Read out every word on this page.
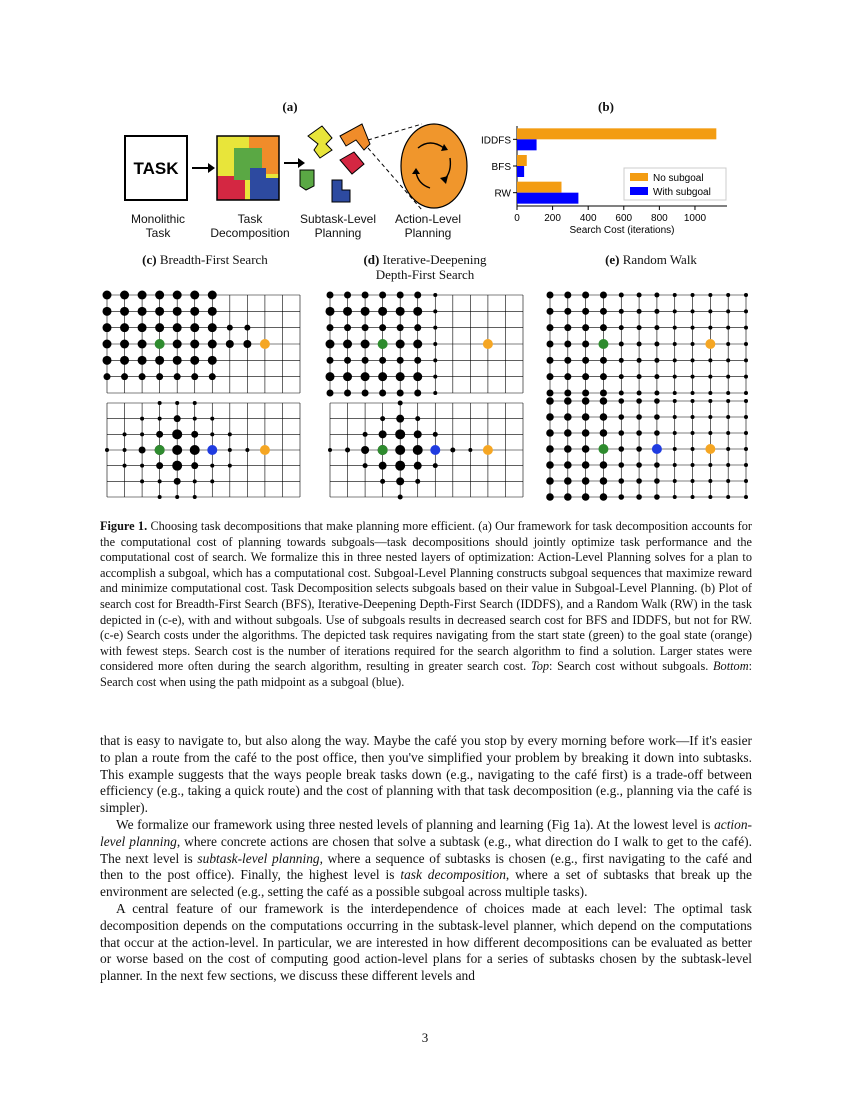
(a)
TASK
Monolithic
Task
Task
Decomposition
Subtask-Level
Planning
Action-Level
Planning
(b)
IDDFS
BFS
RW
0 200 400 600 800 1000
Search Cost (iterations)
No subgoal
With subgoal
(c) Breadth-First Search	(d) Iterative-Deepening
Depth-First Search
(e) Random Walk
Figure 1. Choosing task decompositions that make planning more efficient. (a) Our framework for task decomposition accounts for the computational cost of planning towards subgoals—task decompositions should jointly optimize task performance and the computational cost of search. We formalize this in three nested layers of optimization: Action-Level Planning solves for a plan to accomplish a subgoal, which has a computational cost. Subgoal-Level Planning constructs subgoal sequences that maximize reward and minimize computational cost. Task Decomposition selects subgoals based on their value in Subgoal-Level Planning. (b) Plot of search cost for Breadth-First Search (BFS), Iterative-Deepening Depth-First Search (IDDFS), and a Random Walk (RW) in the task depicted in (c-e), with and without subgoals. Use of subgoals results in decreased search cost for BFS and IDDFS, but not for RW. (c-e) Search costs under the algorithms. The depicted task requires navigating from the start state (green) to the goal state (orange) with fewest steps. Search cost is the number of iterations required for the search algorithm to find a solution. Larger states were considered more often during the search algorithm, resulting in greater search cost. Top: Search cost without subgoals. Bottom: Search cost when using the path midpoint as a subgoal (blue).

that is easy to navigate to, but also along the way. Maybe the café you stop by every morning before work—If it's easier to plan a route from the café to the post office, then you've simplified your problem by breaking it down into subtasks. This example suggests that the ways people break tasks down (e.g., navigating to the café first) is a trade-off between efficiency (e.g., taking a quick route) and the cost of planning with that task decomposition (e.g., planning via the café is simpler).

We formalize our framework using three nested levels of planning and learning (Fig 1a). At the lowest level is action-level planning, where concrete actions are chosen that solve a subtask (e.g., what direction do I walk to get to the café). The next level is subtask-level planning, where a sequence of subtasks is chosen (e.g., first navigating to the café and then to the post office). Finally, the highest level is task decomposition, where a set of subtasks that break up the environment are selected (e.g., setting the café as a possible subgoal across multiple tasks).

A central feature of our framework is the interdependence of choices made at each level: The optimal task decomposition depends on the computations occurring in the subtask-level planner, which depend on the computations that occur at the action-level. In particular, we are interested in how different decompositions can be evaluated as better or worse based on the cost of computing good action-level plans for a series of subtasks chosen by the subtask-level planner. In the next few sections, we discuss these different levels and

3
